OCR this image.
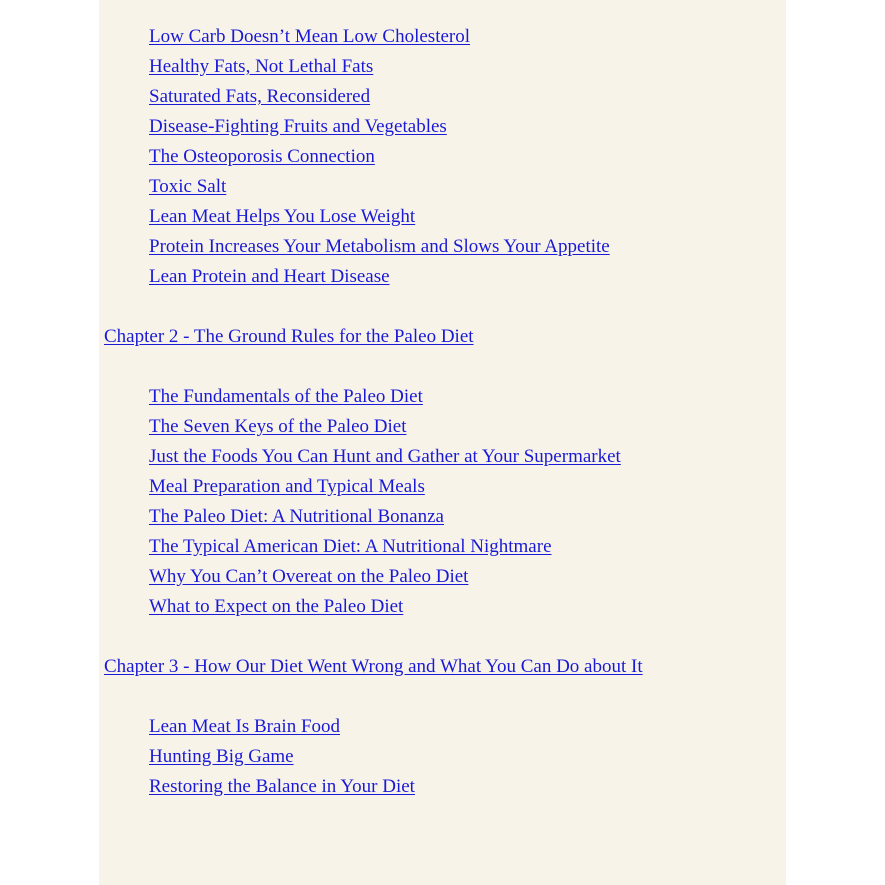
Low Carb Doesn’t Mean Low Cholesterol
Healthy Fats, Not Lethal Fats
Saturated Fats, Reconsidered
Disease-Fighting Fruits and Vegetables
The Osteoporosis Connection
Toxic Salt
Lean Meat Helps You Lose Weight
Protein Increases Your Metabolism and Slows Your Appetite
Lean Protein and Heart Disease
Chapter 2 - The Ground Rules for the Paleo Diet
The Fundamentals of the Paleo Diet
The Seven Keys of the Paleo Diet
Just the Foods You Can Hunt and Gather at Your Supermarket
Meal Preparation and Typical Meals
The Paleo Diet: A Nutritional Bonanza
The Typical American Diet: A Nutritional Nightmare
Why You Can’t Overeat on the Paleo Diet
What to Expect on the Paleo Diet
Chapter 3 - How Our Diet Went Wrong and What You Can Do about It
Lean Meat Is Brain Food
Hunting Big Game
Restoring the Balance in Your Diet
